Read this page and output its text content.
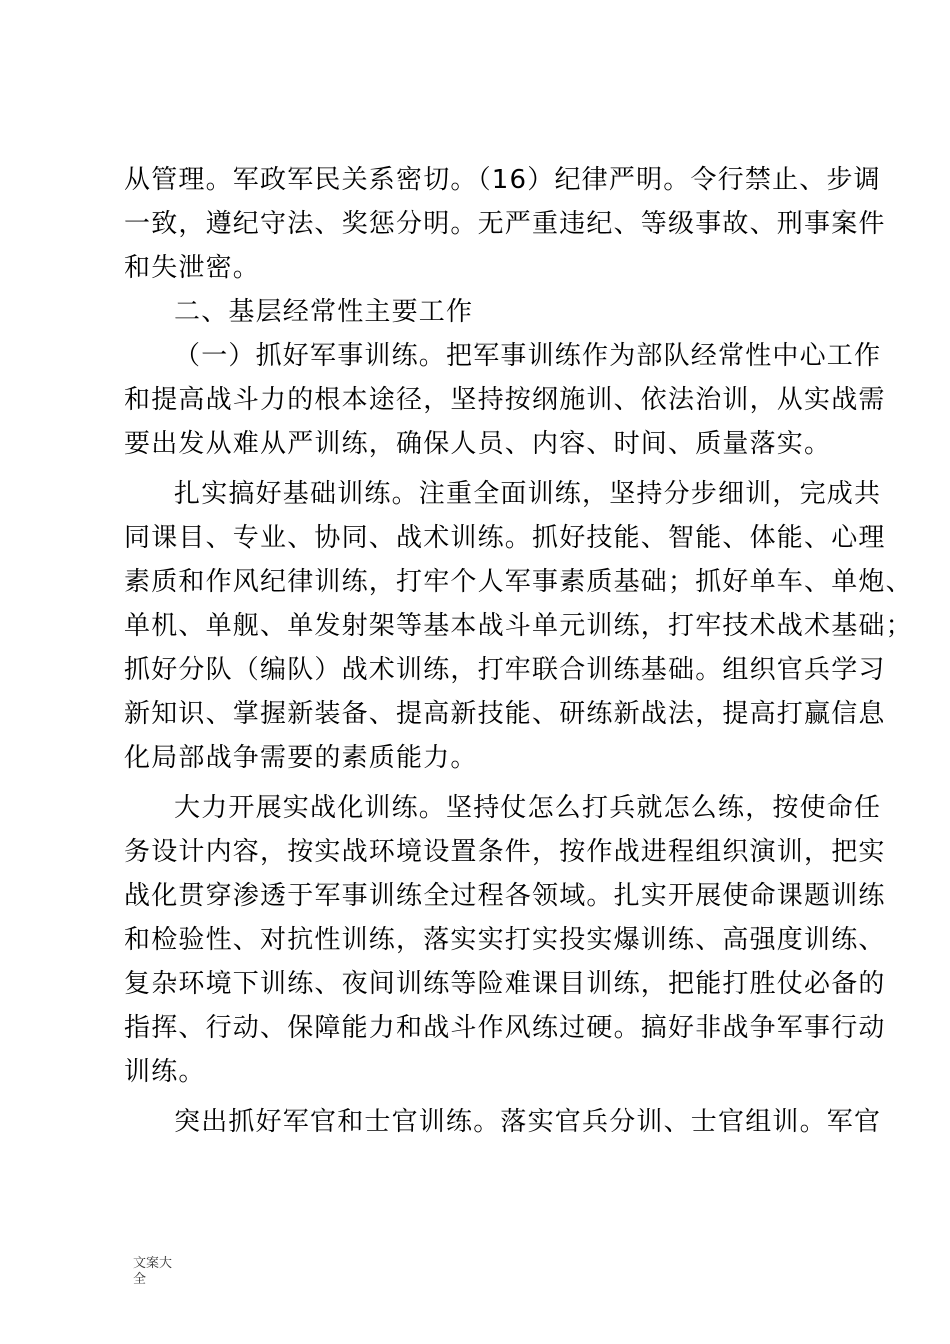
从管理。军政军民关系密切。（16）纪律严明。令行禁止、步调
一致，遵纪守法、奖惩分明。无严重违纪、等级事故、刑事案件
和失泄密。
二、基层经常性主要工作
（一）抓好军事训练。把军事训练作为部队经常性中心工作
和提高战斗力的根本途径，坚持按纲施训、依法治训，从实战需
要出发从难从严训练，确保人员、内容、时间、质量落实。
扎实搞好基础训练。注重全面训练，坚持分步细训，完成共
同课目、专业、协同、战术训练。抓好技能、智能、体能、心理
素质和作风纪律训练，打牢个人军事素质基础；抓好单车、单炮、
单机、单舰、单发射架等基本战斗单元训练，打牢技术战术基础；
抓好分队（编队）战术训练，打牢联合训练基础。组织官兵学习
新知识、掌握新装备、提高新技能、研练新战法，提高打赢信息
化局部战争需要的素质能力。
大力开展实战化训练。坚持仗怎么打兵就怎么练，按使命任
务设计内容，按实战环境设置条件，按作战进程组织演训，把实
战化贯穿渗透于军事训练全过程各领域。扎实开展使命课题训练
和检验性、对抗性训练，落实实打实投实爆训练、高强度训练、
复杂环境下训练、夜间训练等险难课目训练，把能打胜仗必备的
指挥、行动、保障能力和战斗作风练过硬。搞好非战争军事行动
训练。
突出抓好军官和士官训练。落实官兵分训、士官组训。军官
文案大全
